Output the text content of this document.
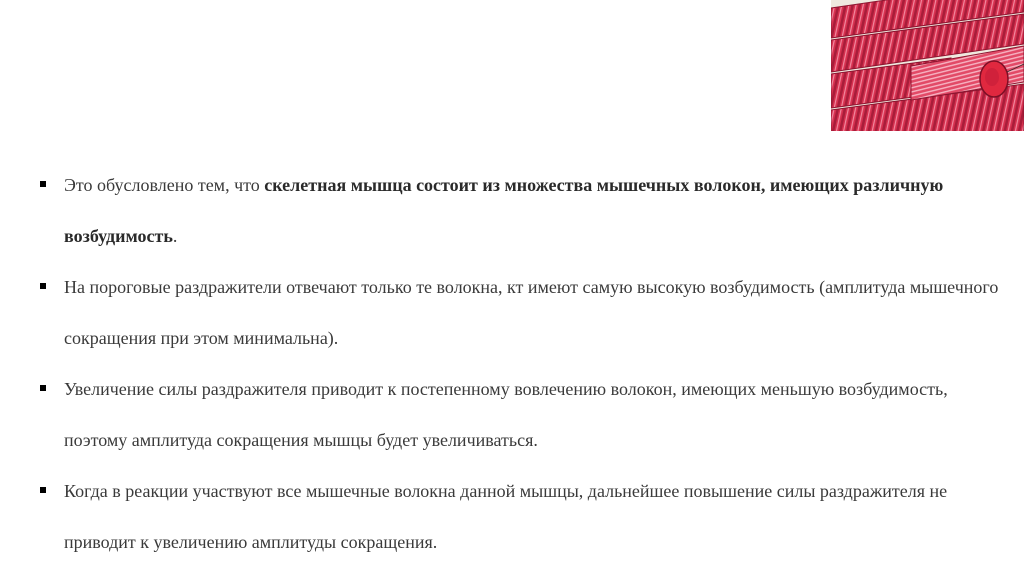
Это обусловлено тем, что скелетная мышца состоит из множества мышечных волокон, имеющих различную возбудимость.
На пороговые раздражители отвечают только те волокна, кт имеют самую высокую возбудимость (амплитуда мышечного сокращения при этом минимальна).
Увеличение силы раздражителя приводит к постепенному вовлечению волокон, имеющих меньшую возбудимость, поэтому амплитуда сокращения мышцы будет увеличиваться.
Когда в реакции участвуют все мышечные волокна данной мышцы, дальнейшее повышение силы раздражителя не приводит к увеличению амплитуды сокращения.
